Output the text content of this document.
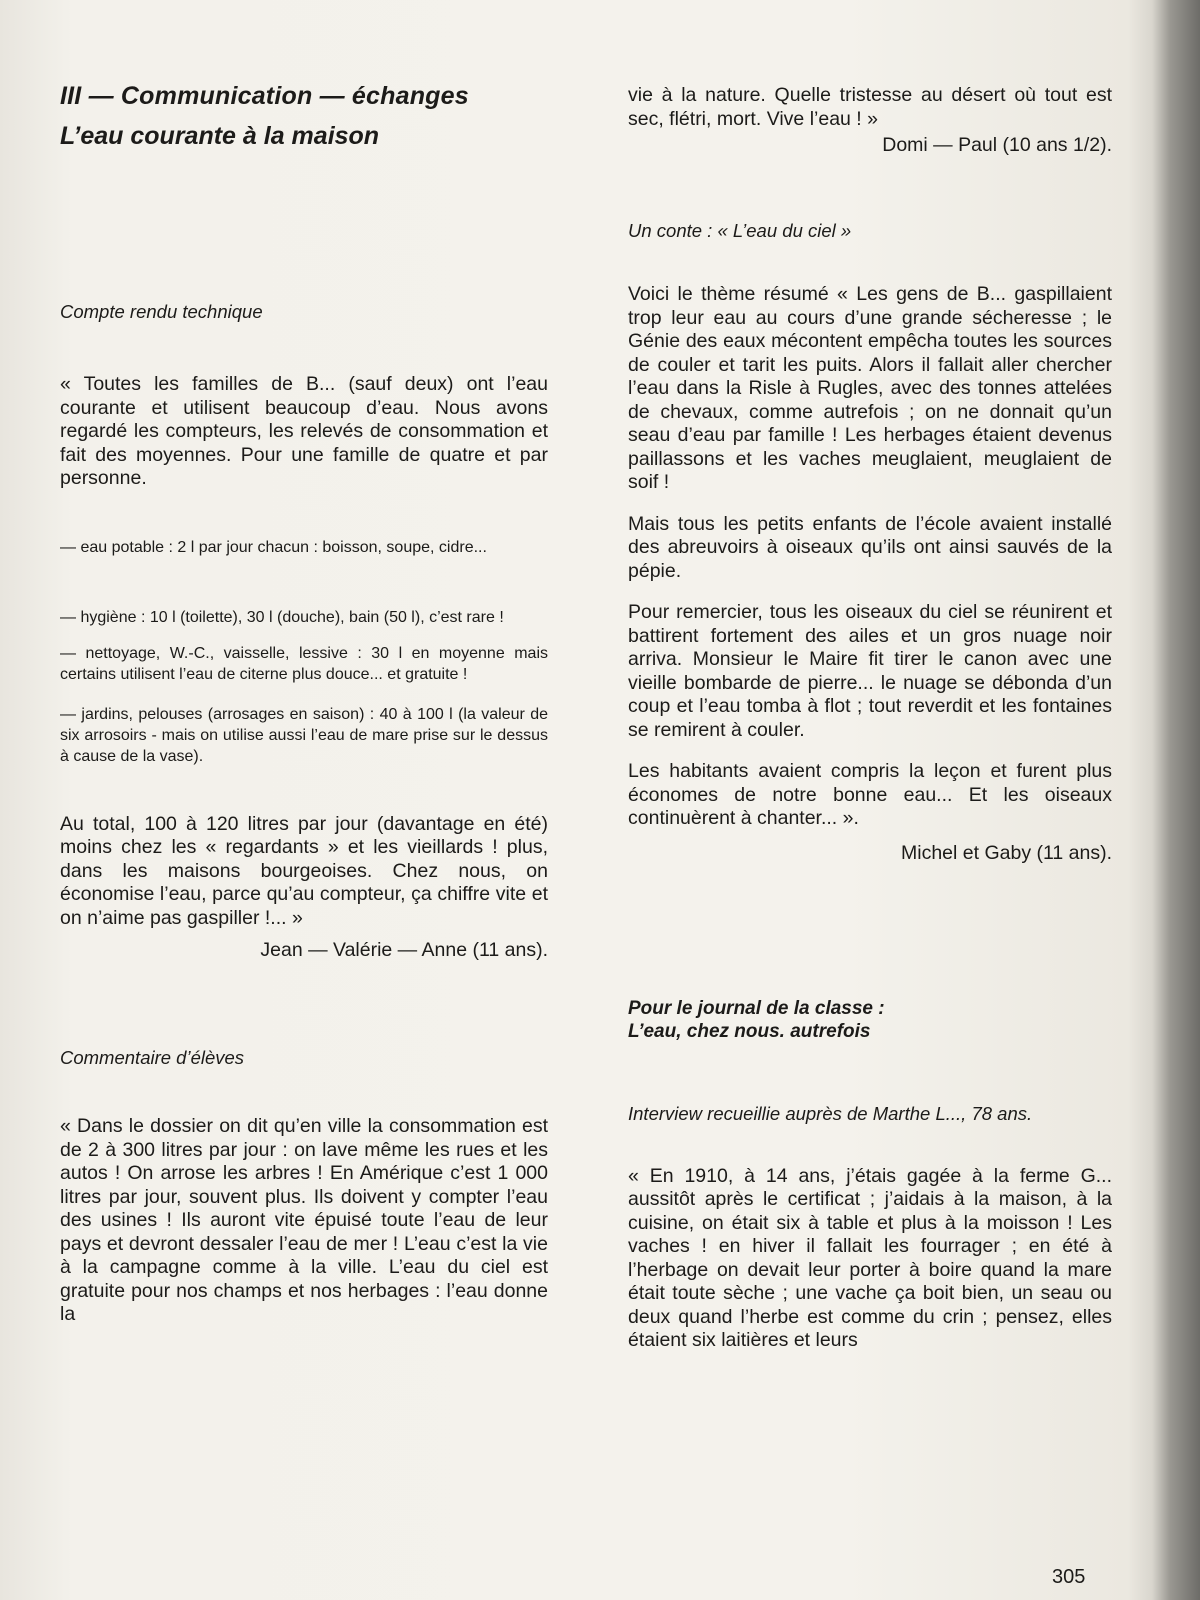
III — Communication — échanges
L’eau courante à la maison

Compte rendu technique

« Toutes les familles de B... (sauf deux) ont l’eau courante et utilisent beaucoup d’eau. Nous avons regardé les compteurs, les relevés de consommation et fait des moyennes. Pour une famille de quatre et par personne.

— eau potable : 2 l par jour chacun : boisson, soupe, cidre...

— hygiène : 10 l (toilette), 30 l (douche), bain (50 l), c’est rare !

— nettoyage, W.-C., vaisselle, lessive : 30 l en moyenne mais certains utilisent l’eau de citerne plus douce... et gratuite !

— jardins, pelouses (arrosages en saison) : 40 à 100 l (la valeur de six arrosoirs - mais on utilise aussi l’eau de mare prise sur le dessus à cause de la vase).

Au total, 100 à 120 litres par jour (davantage en été) moins chez les « regardants » et les vieillards ! plus, dans les maisons bourgeoises. Chez nous, on économise l’eau, parce qu’au compteur, ça chiffre vite et on n’aime pas gaspiller !... »

Jean — Valérie — Anne (11 ans).

Commentaire d’élèves

« Dans le dossier on dit qu’en ville la consommation est de 2 à 300 litres par jour : on lave même les rues et les autos ! On arrose les arbres ! En Amérique c’est 1 000 litres par jour, souvent plus. Ils doivent y compter l’eau des usines ! Ils auront vite épuisé toute l’eau de leur pays et devront dessaler l’eau de mer ! L’eau c’est la vie à la campagne comme à la ville. L’eau du ciel est gratuite pour nos champs et nos herbages : l’eau donne la

vie à la nature. Quelle tristesse au désert où tout est sec, flétri, mort. Vive l’eau ! »

Domi — Paul (10 ans 1/2).

Un conte : « L’eau du ciel »

Voici le thème résumé « Les gens de B... gaspillaient trop leur eau au cours d’une grande sécheresse ; le Génie des eaux mécontent empêcha toutes les sources de couler et tarit les puits. Alors il fallait aller chercher l’eau dans la Risle à Rugles, avec des tonnes attelées de chevaux, comme autrefois ; on ne donnait qu’un seau d’eau par famille ! Les herbages étaient devenus paillassons et les vaches meuglaient, meuglaient de soif !

Mais tous les petits enfants de l’école avaient installé des abreuvoirs à oiseaux qu’ils ont ainsi sauvés de la pépie.

Pour remercier, tous les oiseaux du ciel se réunirent et battirent fortement des ailes et un gros nuage noir arriva. Monsieur le Maire fit tirer le canon avec une vieille bombarde de pierre... le nuage se débonda d’un coup et l’eau tomba à flot ; tout reverdit et les fontaines se remirent à couler.

Les habitants avaient compris la leçon et furent plus économes de notre bonne eau... Et les oiseaux continuèrent à chanter... ».

Michel et Gaby (11 ans).

Pour le journal de la classe :

L’eau, chez nous. autrefois

Interview recueillie auprès de Marthe L..., 78 ans.

« En 1910, à 14 ans, j’étais gagée à la ferme G... aussitôt après le certificat ; j’aidais à la maison, à la cuisine, on était six à table et plus à la moisson ! Les vaches ! en hiver il fallait les fourrager ; en été à l’herbage on devait leur porter à boire quand la mare était toute sèche ; une vache ça boit bien, un seau ou deux quand l’herbe est comme du crin ; pensez, elles étaient six laitières et leurs

305
